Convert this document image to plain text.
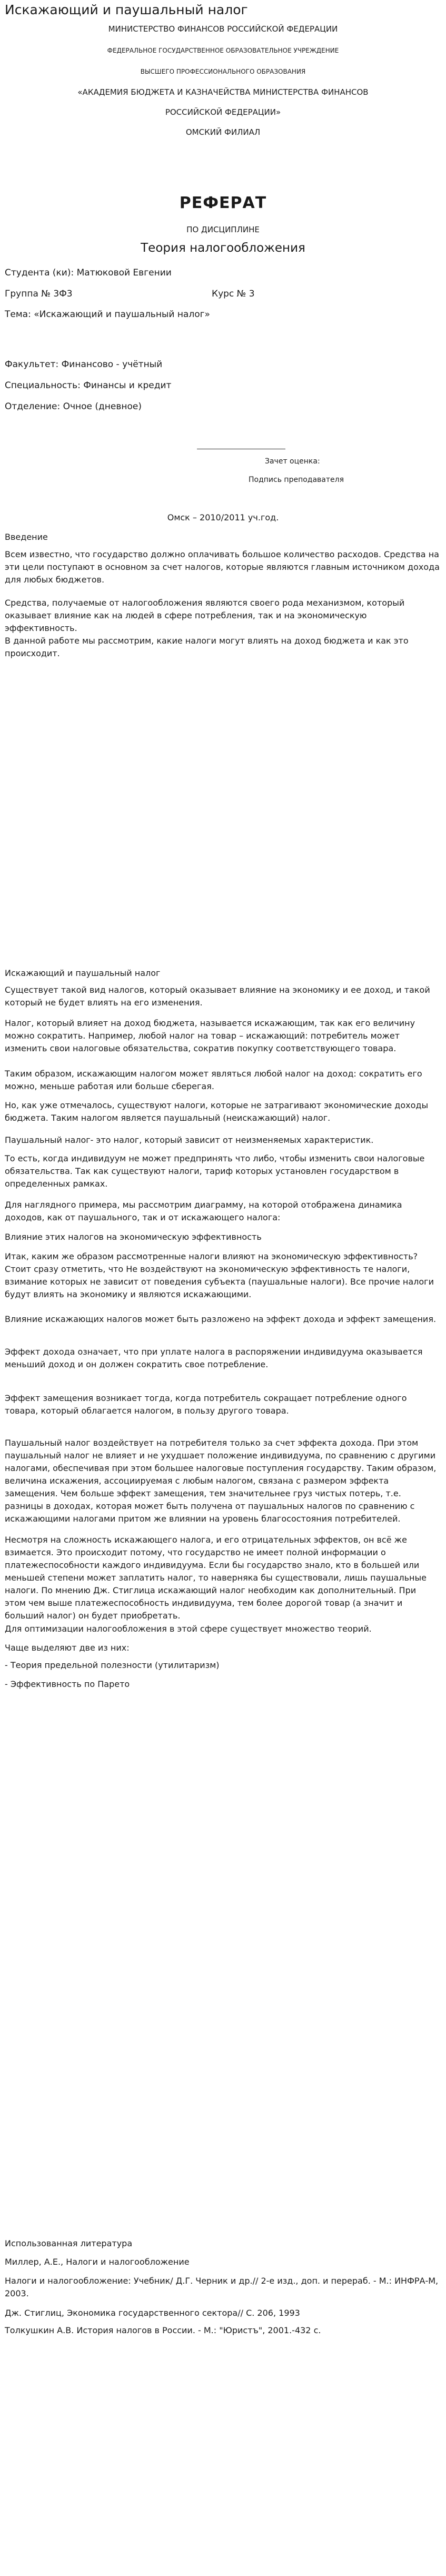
Искажающий и паушальный налог
МИНИСТЕРСТВО ФИНАНСОВ РОССИЙСКОЙ ФЕДЕРАЦИИ
ФЕДЕРАЛЬНОЕ ГОСУДАРСТВЕННОЕ ОБРАЗОВАТЕЛЬНОЕ УЧРЕЖДЕНИЕ
ВЫСШЕГО ПРОФЕССИОНАЛЬНОГО ОБРАЗОВАНИЯ
«АКАДЕМИЯ БЮДЖЕТА И КАЗНАЧЕЙСТВА МИНИСТЕРСТВА ФИНАНСОВ
РОССИЙСКОЙ ФЕДЕРАЦИИ»
ОМСКИЙ ФИЛИАЛ
РЕФЕРАТ
ПО ДИСЦИПЛИНЕ
Теория налогообложения
Студента (ки): Матюковой Евгении
Группа № 3Ф3	Курс № 3
Тема: «Искажающий и паушальный налог»
Факультет: Финансово - учётный
Специальность: Финансы и кредит
Отделение: Очное (дневное)
Зачет оценка:
Подпись преподавателя
Омск – 2010/2011 уч.год.
Введение
Всем известно, что государство должно оплачивать большое количество расходов. Средства на эти цели поступают в основном за счет налогов, которые являются главным источником дохода для любых бюджетов.
Средства, получаемые от налогообложения являются своего рода механизмом, который оказывает влияние как на людей в сфере потребления, так и на экономическую эффективность.
В данной работе мы рассмотрим, какие налоги могут влиять на доход бюджета и как это происходит.
Искажающий и паушальный налог
Существует такой вид налогов, который оказывает влияние на экономику и ее доход, и такой который не будет влиять на его изменения.
Налог, который влияет на доход бюджета, называется искажающим, так как его величину можно сократить. Например, любой налог на товар – искажающий: потребитель может изменить свои налоговые обязательства, сократив покупку соответствующего товара.
Таким образом, искажающим налогом может являться любой налог на доход: сократить его можно, меньше работая или больше сберегая.
Но, как уже отмечалось, существуют налоги, которые не затрагивают экономические доходы бюджета. Таким налогом является паушальный (неискажающий) налог.
Паушальный налог- это налог, который зависит от неизменяемых характеристик.
То есть, когда индивидуум не может предпринять что либо, чтобы изменить свои налоговые обязательства. Так как существуют налоги, тариф которых установлен государством в определенных рамках.
Для наглядного примера, мы рассмотрим диаграмму, на которой отображена динамика доходов, как от паушального, так и от искажающего налога:
Влияние этих налогов на экономическую эффективность
Итак, каким же образом рассмотренные налоги влияют на экономическую эффективность? Стоит сразу отметить, что Не воздействуют на экономическую эффективность те налоги, взимание которых не зависит от поведения субъекта (паушальные налоги). Все прочие налоги будут влиять на экономику и являются искажающими.
Влияние искажающих налогов может быть разложено на эффект дохода и эффект замещения.
Эффект дохода означает, что при уплате налога в распоряжении индивидуума оказывается меньший доход и он должен сократить свое потребление.
Эффект замещения возникает тогда, когда потребитель сокращает потребление одного товара, который облагается налогом, в пользу другого товара.
Паушальный налог воздействует на потребителя только за счет эффекта дохода. При этом паушальный налог не влияет и не ухудшает положение индивидуума, по сравнению с другими налогами, обеспечивая при этом большее налоговые поступления государству. Таким образом, величина искажения, ассоциируемая с любым налогом, связана с размером эффекта замещения. Чем больше эффект замещения, тем значительнее груз чистых потерь, т.е. разницы в доходах, которая может быть получена от паушальных налогов по сравнению с искажающими налогами притом же влиянии на уровень благосостояния потребителей.
Несмотря на сложность искажающего налога, и его отрицательных эффектов, он всё же взимается. Это происходит потому, что государство не имеет полной информации о платежеспособности каждого индивидуума. Если бы государство знало, кто в большей или меньшей степени может заплатить налог, то наверняка бы существовали, лишь паушальные налоги. По мнению Дж. Стиглица искажающий налог необходим как дополнительный. При этом чем выше платежеспособность индивидуума, тем более дорогой товар (а значит и больший налог) он будет приобретать.
Для оптимизации налогообложения в этой сфере существует множество теорий.
Чаще выделяют две из них:
- Теория предельной полезности (утилитаризм)
- Эффективность по Парето
Использованная литература
Миллер, А.Е., Налоги и налогообложение
Налоги и налогообложение: Учебник/ Д.Г. Черник и др.// 2-е изд., доп. и перераб. - М.: ИНФРА-М, 2003.
Дж. Стиглиц, Экономика государственного сектора// С. 206, 1993
Толкушкин А.В. История налогов в России. - М.: "Юристъ", 2001.-432 с.
